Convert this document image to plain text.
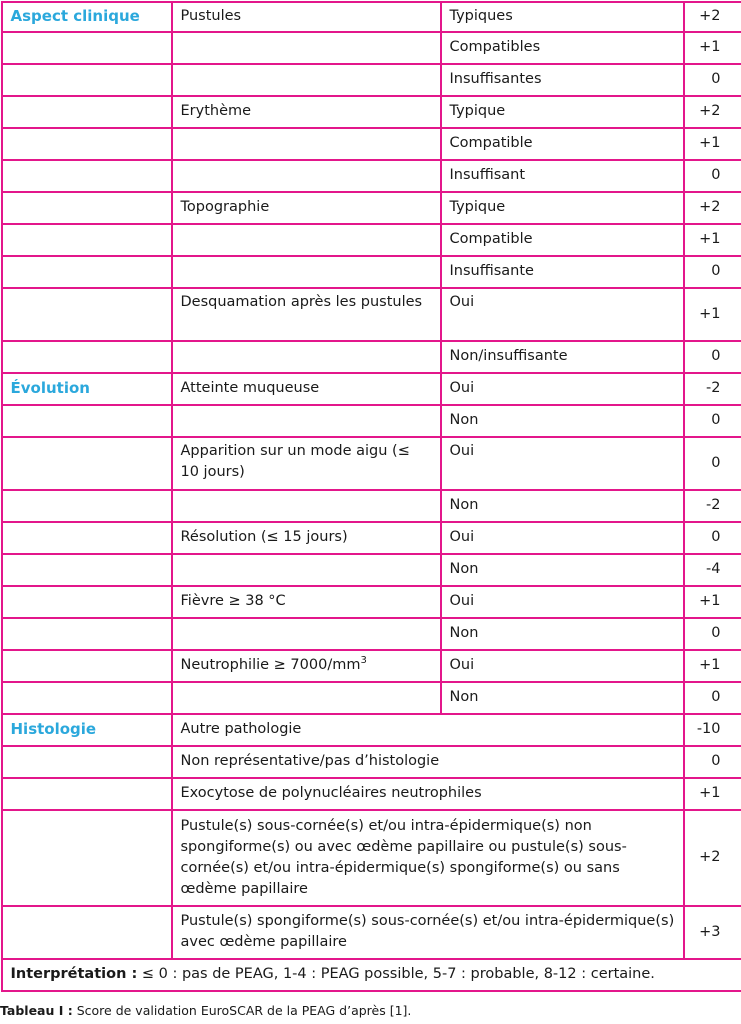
Aspect clinique	Pustules	Typiques	+2
		Compatibles	+1
		Insuffisantes	0
	Erythème	Typique	+2
		Compatible	+1
		Insuffisant	0
	Topographie	Typique	+2
		Compatible	+1
		Insuffisante	0
	Desquamation après les pustules	Oui	+1
		Non/insuffisante	0
Évolution	Atteinte muqueuse	Oui	-2
		Non	0
	Apparition sur un mode aigu (≤ 10 jours)	Oui	0
		Non	-2
	Résolution (≤ 15 jours)	Oui	0
		Non	-4
	Fièvre ≥ 38 °C	Oui	+1
		Non	0
	Neutrophilie ≥ $7000/mm^3$	Oui	+1
		Non	0
Histologie	Autre pathologie		-10
	Non représentative/pas d’histologie		0
	Exocytose de polynucléaires neutrophiles		+1
	Pustule(s) sous-cornée(s) et/ou intra-épidermique(s) non spongiforme(s) ou avec œdème papillaire ou pustule(s) sous-cornée(s) et/ou intra-épidermique(s) spongiforme(s) ou sans œdème papillaire		+2
	Pustule(s) spongiforme(s) sous-cornée(s) et/ou intra-épidermique(s) avec œdème papillaire		+3
Interprétation : ≤ 0 : pas de PEAG, 1-4 : PEAG possible, 5-7 : probable, 8-12 : certaine.			
Tableau I : Score de validation EuroSCAR de la PEAG d’après [1].
